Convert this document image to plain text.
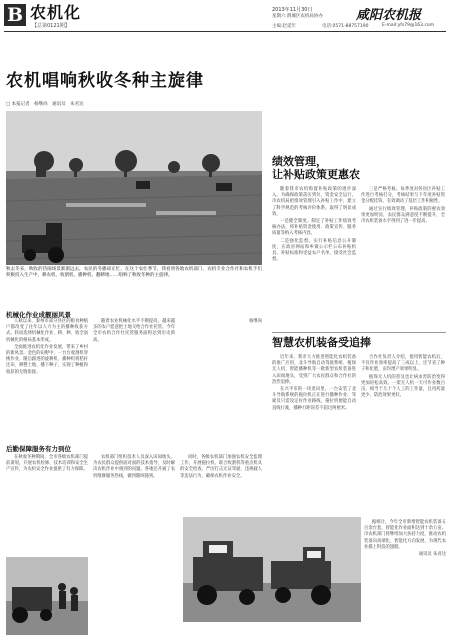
B 农机化
【总第0121期】
2013年11月30日
星期六 渭城区农机局协办	咸阳农机报
主编:赵延年	电话:0571-88757190	E-mail:yfs79@163.com
农机唱响秋收冬种主旋律
□ 本报记者　杨继尚　通讯员　朱君达
秋去冬来，秋收的热闹场景渐渐远去，农民的冬播却正忙，在这个农忙季节，我看到各地农机部门、农机专业合作社和农机手们积极投入生产中，耕农机，收割机，播种机，翻耕地……唱响了秋收冬种的主旋律。
机械化作业成靓丽风景

人秋以来，秦州市部分县区的粮食种植户都改变了往年以人力为主的播种收获方式，转而选择机械化作业，耕、种、收全面机械化的格局基本形成。

全面推进农机化作业发展，带来了乡村的新风景。金色的田野中，一台台收割机穿梭作业，随后跟进的旋耕机、播种机将秸秆还田、耕整土地、播下种子，实现了种植和收获的无缝衔接。

随着农业机械化水平不断提高，越来越多的农户愿意把土地交给合作社托管。今年全市农机合作社托管服务面积达到历史新高。

杨继尚

后勤保障服务有力到位

在秋收冬种期间，全市各级农机部门提前谋划，开展农机检修、技术培训和安全生产宣传，为农机安全作业提供了有力保障。

农机部门组织技术人员深入田间地头，为农民群众提供面对面的技术指导，及时解决农机作业中遇到的问题。各地还开通了农机维修服务热线，做到随叫随到。

同时，各级农机部门加强农机安全监理工作，开展拖拉机、联合收割机等重点机具的安全检查，严厉打击无证驾驶、违规载人等违法行为，确保农机作业安全。

绩效管理，
让补贴政策更惠农

随着我市农机购置补贴政策的逐步深入，为确保政策落实到位、资金安全运行，市农机局把绩效管理引入补贴工作中，建立了科学规范的考核评价体系，取得了明显成效。

一是健全制度。制定了补贴工作绩效考核办法，将补贴资金使用、政策宣传、服务质量等纳入考核内容。

二是强化监督。实行补贴信息公开制度，在政府网站和乡镇公示栏公布补贴机具、补贴标准和受益农户名单，接受社会监督。

三是严格考核。每季度对各县区补贴工作进行考核打分，考核结果与下年度补贴资金分配挂钩，有效调动了基层工作积极性。

通过实行绩效管理，补贴政策的惠农效果更加明显，农民群众满意度不断提升，全市农机装备水平得到了进一步提高。

智慧农机装备受追捧

近年来，我市大力推进智能化农机装备的推广应用，北斗导航自动驾驶系统、植保无人机、智能播种机等一批新型农机装备进入田间地头，受到广大农民群众和合作社的热烈追捧。

在兴平市的一块麦田里，一台安装了北斗导航系统的拖拉机正在进行播种作业，驾驶员只需设定好作业路线，拖拉机便能自动直线行驶，播种行距误差不超过两厘米。

合作社负责人介绍，使用智能农机后，不仅作业效率提高了三成以上，还节省了种子和化肥，亩均增产效果明显。

植保无人机的普及也让病虫害防治变得更加轻松高效。一架无人机一天可作业数百亩，相当于几十个人工的工作量，且用药量更少，防治效果更好。

据统计，今年全市新增智能农机装备五百余台套，智能化作业面积达到十余万亩。市农机部门将继续加大扶持力度，推动农机装备向高端化、智能化方向发展，为现代农业插上科技的翅膀。

通讯员 朱君达
